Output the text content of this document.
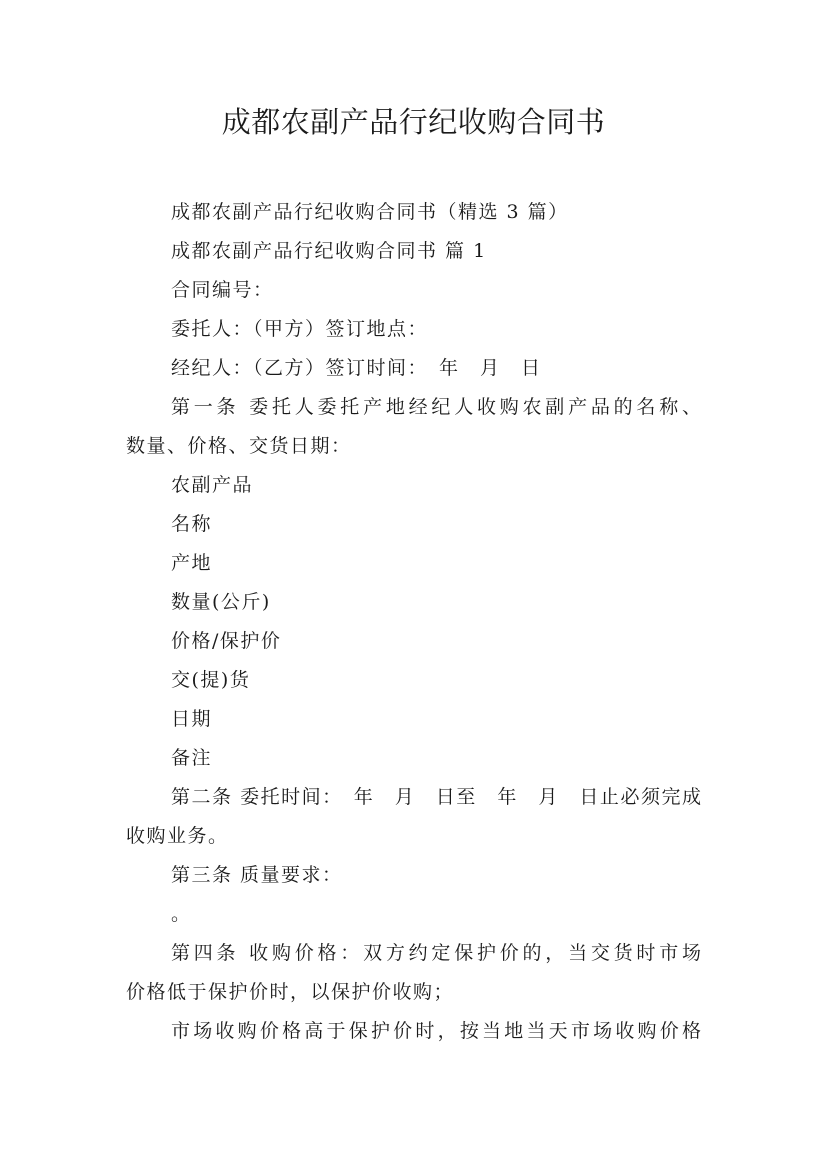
成都农副产品行纪收购合同书

成都农副产品行纪收购合同书（精选 3 篇）

成都农副产品行纪收购合同书 篇 1

合同编号：

委托人：（甲方）签订地点：

经纪人：（乙方）签订时间：　年　月　日

第一条 委托人委托产地经纪人收购农副产品的名称、

数量、价格、交货日期：

农副产品

名称

产地

数量(公斤)

价格/保护价

交(提)货

日期

备注

第二条 委托时间：　年　月　日至　年　月　日止必须完成

收购业务。

第三条 质量要求：

。

第四条 收购价格：双方约定保护价的，当交货时市场

价格低于保护价时，以保护价收购；

市场收购价格高于保护价时，按当地当天市场收购价格
